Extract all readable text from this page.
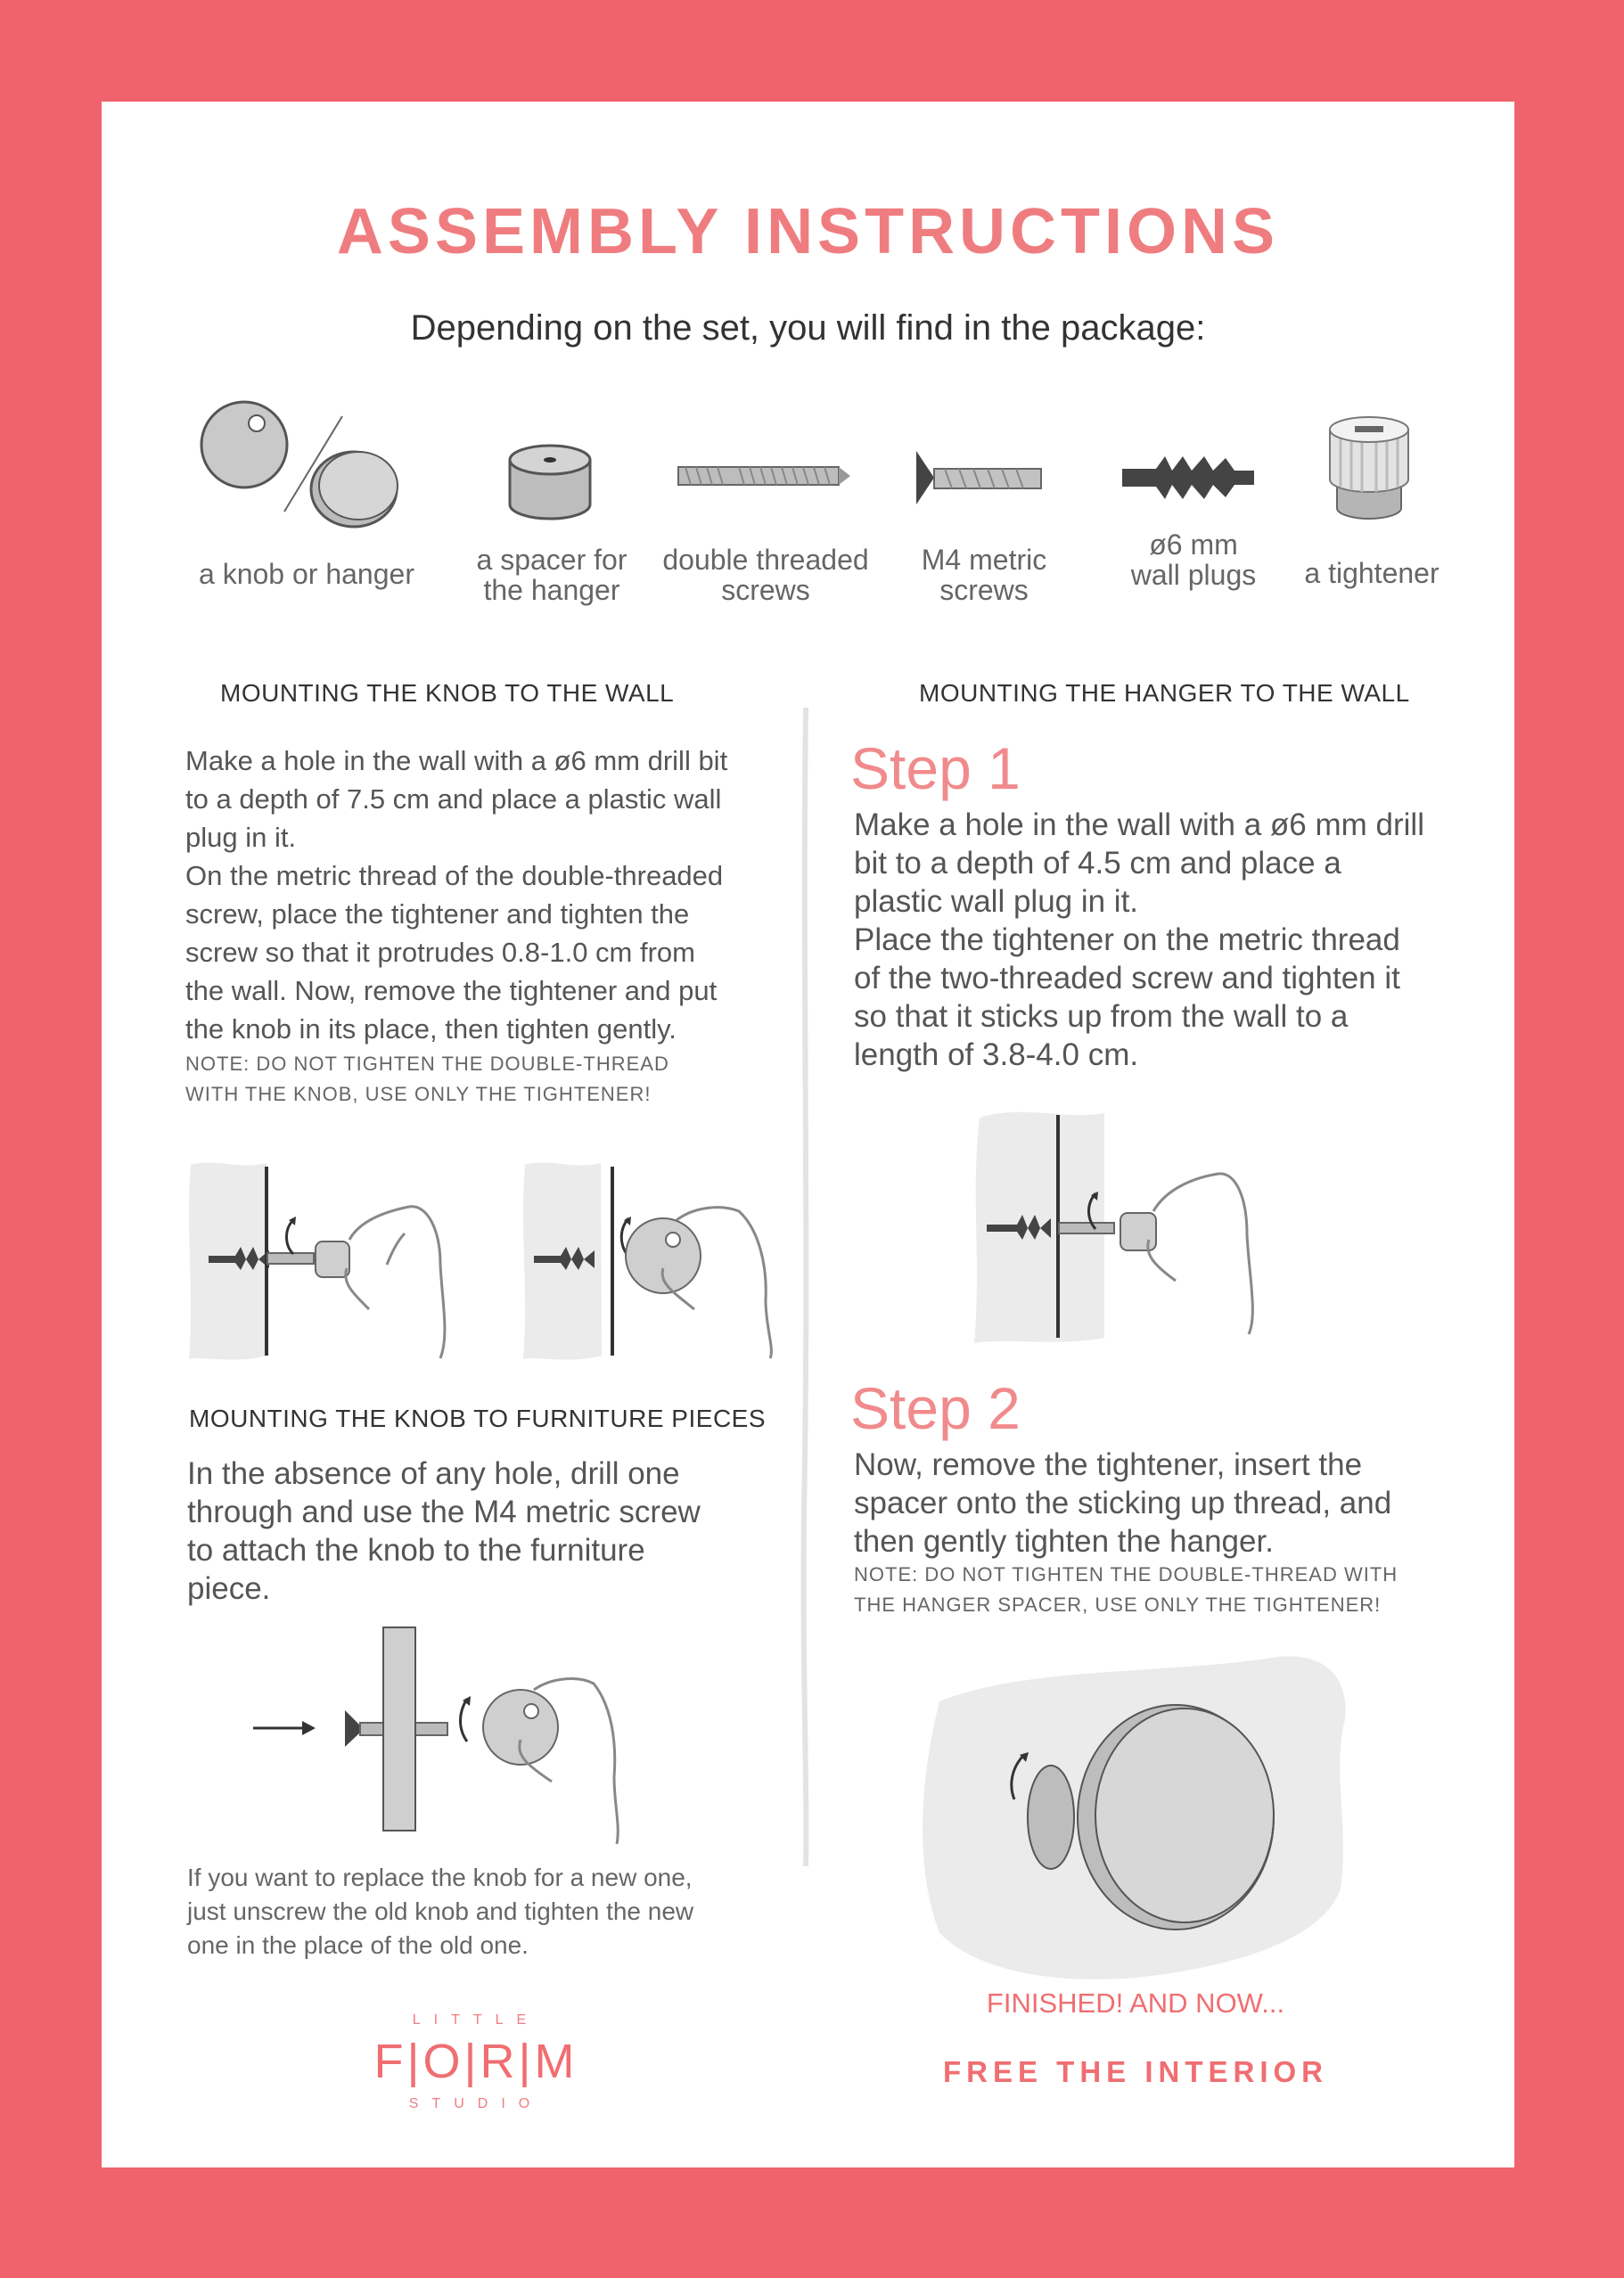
ASSEMBLY INSTRUCTIONS
Depending on the set, you will find in the package:
a knob or hanger	a spacer for
the hanger
double threaded
screws
M4 metric
screws
ø6 mm
wall plugs	a tightener
MOUNTING THE KNOB TO THE WALL	MOUNTING THE HANGER TO THE WALL
Make a hole in the wall with a ø6 mm drill bit
to a depth of 7.5 cm and place a plastic wall
plug in it.
On the metric thread of the double-threaded
screw, place the tightener and tighten the
screw so that it protrudes 0.8-1.0 cm from
the wall. Now, remove the tightener and put
the knob in its place, then tighten gently.
NOTE: DO NOT TIGHTEN THE DOUBLE-THREAD
WITH THE KNOB, USE ONLY THE TIGHTENER!
MOUNTING THE KNOB TO FURNITURE PIECES
In the absence of any hole, drill one
through and use the M4 metric screw
to attach the knob to the furniture
piece.
If you want to replace the knob for a new one,
just unscrew the old knob and tighten the new
one in the place of the old one.
LITTLE
F|O|R|M
STUDIO
Step 1
Make a hole in the wall with a ø6 mm drill
bit to a depth of 4.5 cm and place a
plastic wall plug in it.
Place the tightener on the metric thread
of the two-threaded screw and tighten it
so that it sticks up from the wall to a
length of 3.8-4.0 cm.
Step 2
Now, remove the tightener, insert the
spacer onto the sticking up thread, and
then gently tighten the hanger.
NOTE: DO NOT TIGHTEN THE DOUBLE-THREAD WITH
THE HANGER SPACER, USE ONLY THE TIGHTENER!
FINISHED! AND NOW...
FREE THE INTERIOR
